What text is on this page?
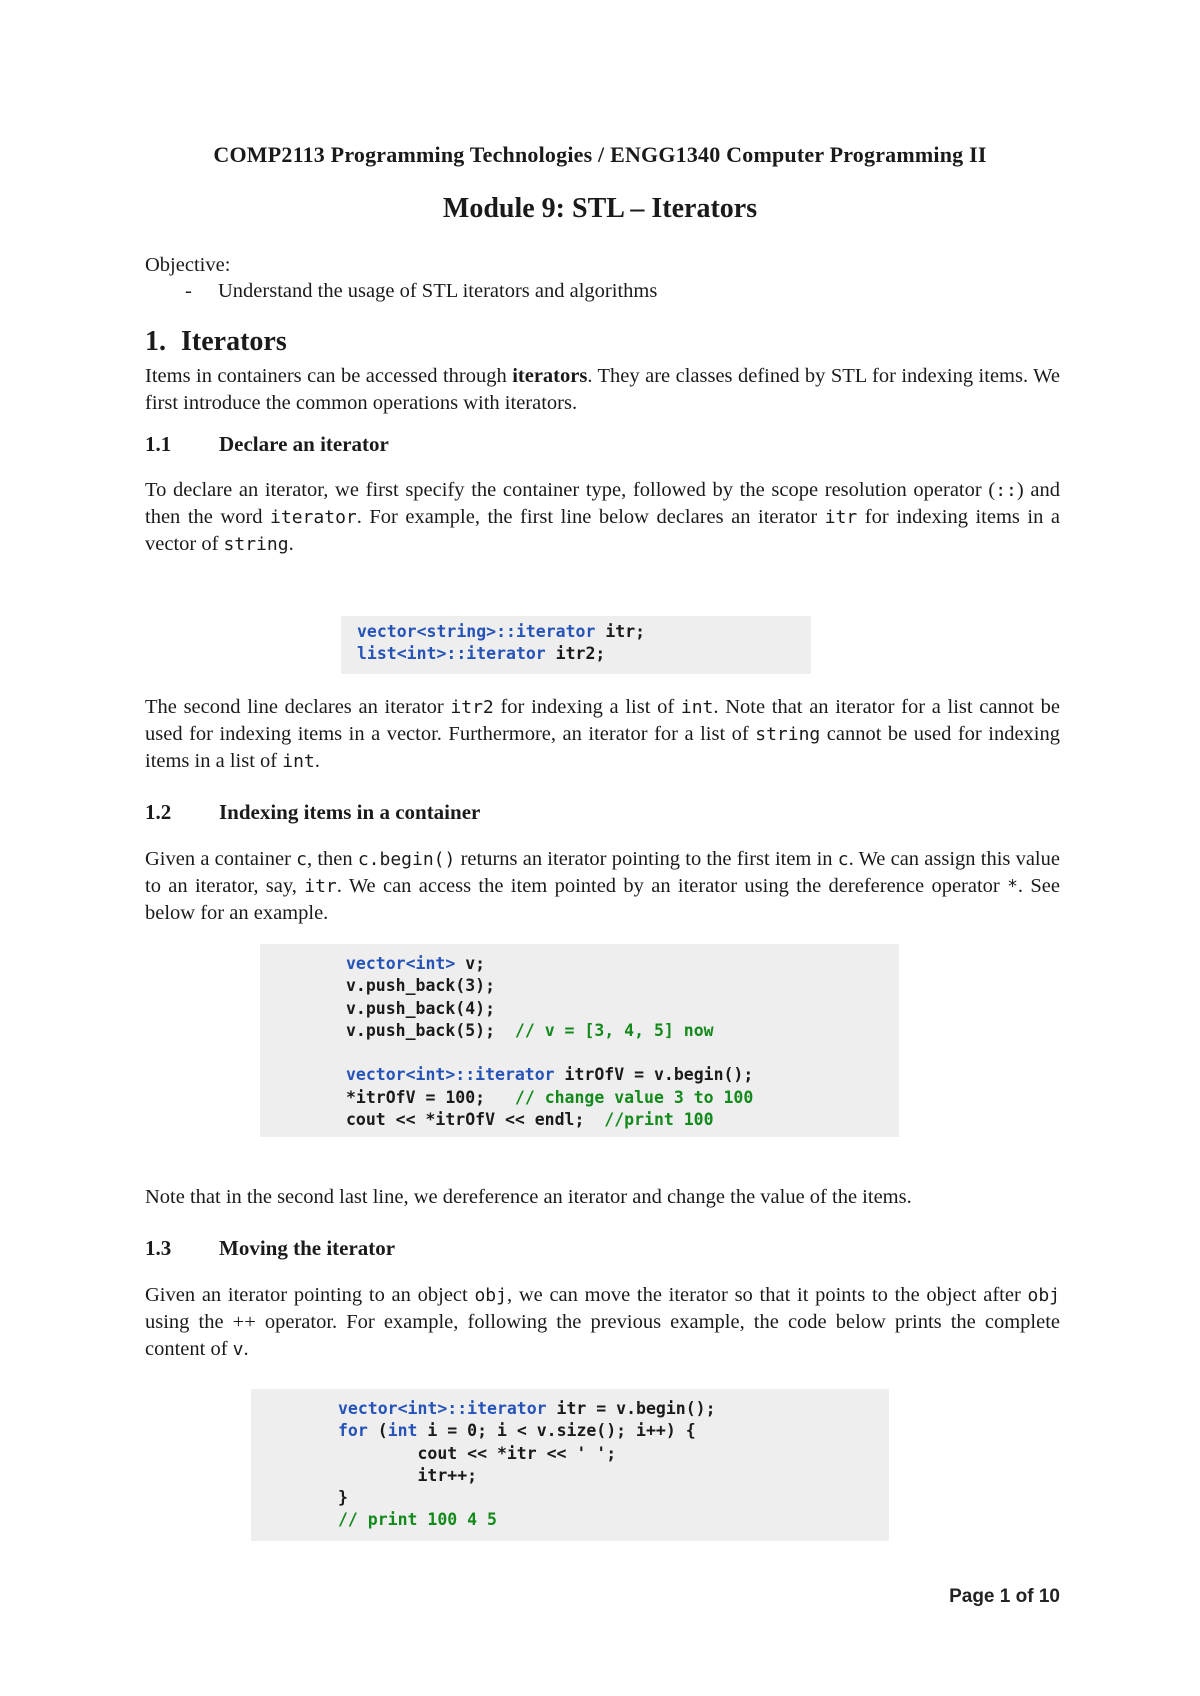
COMP2113 Programming Technologies / ENGG1340 Computer Programming II
Module 9: STL – Iterators
Objective:
- Understand the usage of STL iterators and algorithms
1. Iterators
Items in containers can be accessed through iterators. They are classes defined by STL for indexing items. We first introduce the common operations with iterators.
1.1 Declare an iterator
To declare an iterator, we first specify the container type, followed by the scope resolution operator (::) and then the word iterator. For example, the first line below declares an iterator itr for indexing items in a vector of string.
vector<string>::iterator itr;
list<int>::iterator itr2;
The second line declares an iterator itr2 for indexing a list of int. Note that an iterator for a list cannot be used for indexing items in a vector. Furthermore, an iterator for a list of string cannot be used for indexing items in a list of int.
1.2 Indexing items in a container
Given a container c, then c.begin() returns an iterator pointing to the first item in c. We can assign this value to an iterator, say, itr. We can access the item pointed by an iterator using the dereference operator *. See below for an example.
vector<int> v;
v.push_back(3);
v.push_back(4);
v.push_back(5);  // v = [3, 4, 5] now

vector<int>::iterator itrOfV = v.begin();
*itrOfV = 100;   // change value 3 to 100
cout << *itrOfV << endl;  //print 100
Note that in the second last line, we dereference an iterator and change the value of the items.
1.3 Moving the iterator
Given an iterator pointing to an object obj, we can move the iterator so that it points to the object after obj using the ++ operator. For example, following the previous example, the code below prints the complete content of v.
vector<int>::iterator itr = v.begin();
for (int i = 0; i < v.size(); i++) {
cout << *itr << ' ';
itr++;
}
// print 100 4 5
Page 1 of 10
